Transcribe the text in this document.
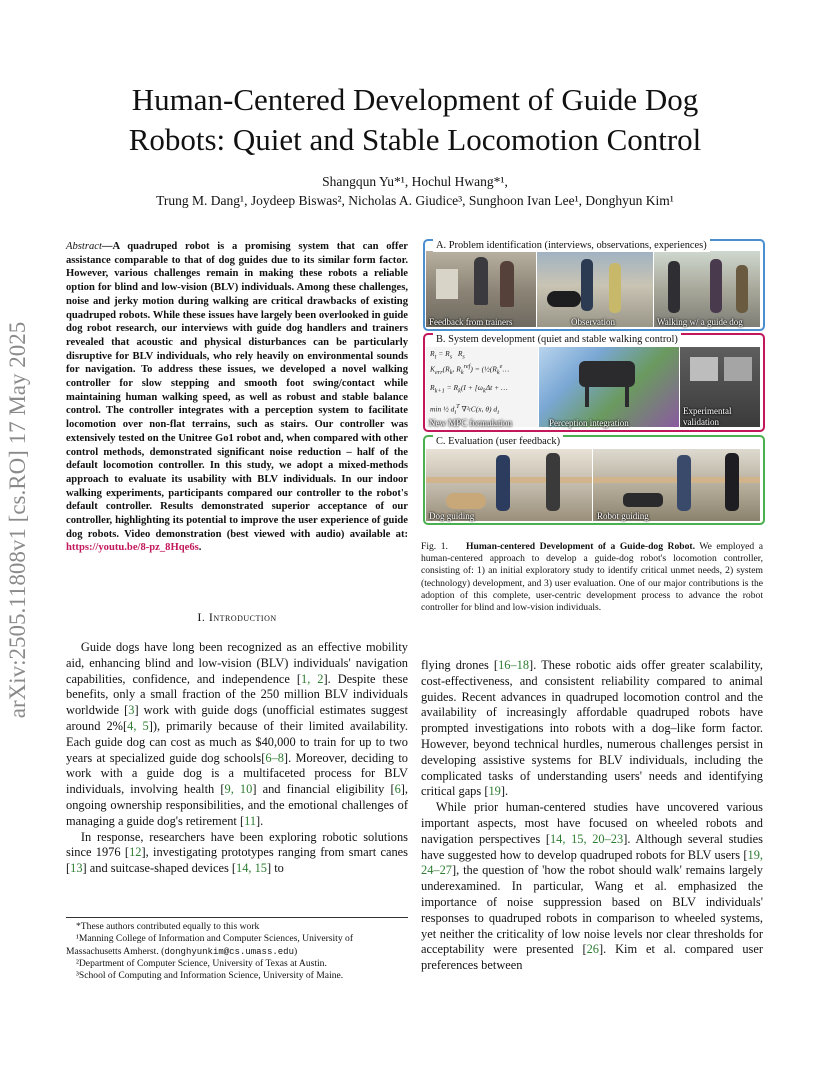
arXiv:2505.11808v1 [cs.RO] 17 May 2025
Human-Centered Development of Guide Dog
Robots: Quiet and Stable Locomotion Control
Shangqun Yu*¹, Hochul Hwang*¹,
Trung M. Dang¹, Joydeep Biswas², Nicholas A. Giudice³, Sunghoon Ivan Lee¹, Donghyun Kim¹
Abstract—A quadruped robot is a promising system that can offer assistance comparable to that of dog guides due to its similar form factor. However, various challenges remain in making these robots a reliable option for blind and low-vision (BLV) individuals. Among these challenges, noise and jerky motion during walking are critical drawbacks of existing quadruped robots. While these issues have largely been overlooked in guide dog robot research, our interviews with guide dog handlers and trainers revealed that acoustic and physical disturbances can be particularly disruptive for BLV individuals, who rely heavily on environmental sounds for navigation. To address these issues, we developed a novel walking controller for slow stepping and smooth foot swing/contact while maintaining human walking speed, as well as robust and stable balance control. The controller integrates with a perception system to facilitate locomotion over non-flat terrains, such as stairs. Our controller was extensively tested on the Unitree Go1 robot and, when compared with other control methods, demonstrated significant noise reduction – half of the default locomotion controller. In this study, we adopt a mixed-methods approach to evaluate its usability with BLV individuals. In our indoor walking experiments, participants compared our controller to the robot's default controller. Results demonstrated superior acceptance of our controller, highlighting its potential to improve the user experience of guide dog robots. Video demonstration (best viewed with audio) available at: https://youtu.be/8-pz_8Hqe6s.
I. Introduction

Guide dogs have long been recognized as an effective mobility aid, enhancing blind and low-vision (BLV) individuals' navigation capabilities, confidence, and independence [1, 2]. Despite these benefits, only a small fraction of the 250 million BLV individuals worldwide [3] work with guide dogs (unofficial estimates suggest around 2%[4, 5]), primarily because of their limited availability. Each guide dog can cost as much as $40,000 to train for up to two years at specialized guide dog schools[6–8]. Moreover, deciding to work with a guide dog is a multifaceted process for BLV individuals, involving health [9, 10] and financial eligibility [6], ongoing ownership responsibilities, and the emotional challenges of managing a guide dog's retirement [11].

In response, researchers have been exploring robotic solutions since 1976 [12], investigating prototypes ranging from smart canes [13] and suitcase-shaped devices [14, 15] to

*These authors contributed equally to this work
¹Manning College of Information and Computer Sciences, University of Massachusetts Amherst. (donghyunkim@cs.umass.edu)
²Department of Computer Science, University of Texas at Austin.
³School of Computing and Information Science, University of Maine.
A. Problem identification (interviews, observations, experiences)
Feedback from trainers	Observation	Walking w/ a guide dog
$R_t = R_s$   $R_s$
$K_{err}(R_k$, $R_k^{ref}$) = ($\frac{1}{2}(R_k^e\dots$
$R_{k+1} = R_k(I + [\omega_k\Delta t$ + …
min ½ $d_i^T$ ∇²ₗC(x, θ) $d_i$
B. System development (quiet and stable walking control)
New MPC formulation	Perception integration
Experimental validation
C. Evaluation (user feedback)
Dog guiding	Robot guiding
Fig. 1. Human-centered Development of a Guide-dog Robot. We employed a human-centered approach to develop a guide-dog robot's locomotion controller, consisting of: 1) an initial exploratory study to identify critical unmet needs, 2) system (technology) development, and 3) user evaluation. One of our major contributions is the adoption of this complete, user-centric development process to advance the robot controller for blind and low-vision individuals.

flying drones [16–18]. These robotic aids offer greater scalability, cost-effectiveness, and consistent reliability compared to animal guides. Recent advances in quadruped locomotion control and the availability of increasingly affordable quadruped robots have prompted investigations into robots with a dog–like form factor. However, beyond technical hurdles, numerous challenges persist in developing assistive systems for BLV individuals, including the complicated tasks of understanding users' needs and identifying critical gaps [19].

While prior human-centered studies have uncovered various important aspects, most have focused on wheeled robots and navigation perspectives [14, 15, 20–23]. Although several studies have suggested how to develop quadruped robots for BLV users [19, 24–27], the question of 'how the robot should walk' remains largely underexamined. In particular, Wang et al. emphasized the importance of noise suppression based on BLV individuals' responses to quadruped robots in comparison to wheeled systems, yet neither the criticality of low noise levels nor clear thresholds for acceptability were presented [26]. Kim et al. compared user preferences between
